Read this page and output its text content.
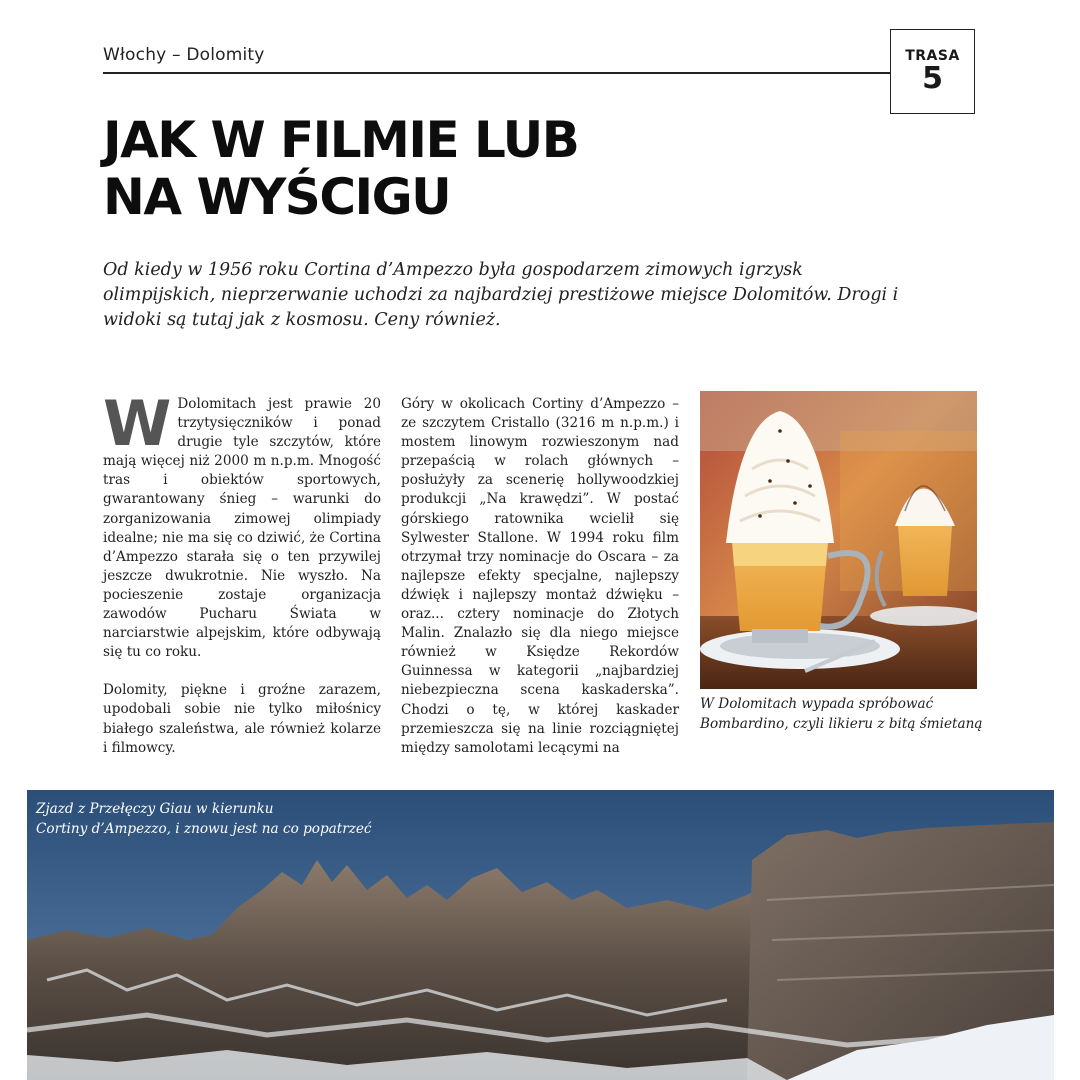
Włochy – Dolomity	TRASA
5
JAK W FILMIE LUB
NA WYŚCIGU

Od kiedy w 1956 roku Cortina d’Ampezzo była gospodarzem zimowych igrzysk olimpijskich, nieprzerwanie uchodzi za najbardziej prestiżowe miejsce Dolomitów. Drogi i widoki są tutaj jak z kosmosu. Ceny również.

W Dolomitach jest prawie 20 trzytysięczników i ponad drugie tyle szczytów, które mają więcej niż 2000 m n.p.m. Mnogość tras i obiektów sportowych, gwarantowany śnieg – warunki do zorganizowania zimowej olimpiady idealne; nie ma się co dziwić, że Cortina d’Ampezzo starała się o ten przywilej jeszcze dwukrotnie. Nie wyszło. Na pocieszenie zostaje organizacja zawodów Pucharu Świata w narciarstwie alpejskim, które odbywają się tu co roku.

Dolomity, piękne i groźne zarazem, upodobali sobie nie tylko miłośnicy białego szaleństwa, ale również kolarze i filmowcy.

Góry w okolicach Cortiny d’Ampezzo – ze szczytem Cristallo (3216 m n.p.m.) i mostem linowym rozwieszonym nad przepaścią w rolach głównych – posłużyły za scenerię hollywoodzkiej produkcji „Na krawędzi”. W postać górskiego ratownika wcielił się Sylwester Stallone. W 1994 roku film otrzymał trzy nominacje do Oscara – za najlepsze efekty specjalne, najlepszy dźwięk i najlepszy montaż dźwięku – oraz... cztery nominacje do Złotych Malin. Znalazło się dla niego miejsce również w Księdze Rekordów Guinnessa w kategorii „najbardziej niebezpieczna scena kaskaderska”. Chodzi o tę, w której kaskader przemieszcza się na linie rozciągniętej między samolotami lecącymi na

W Dolomitach wypada spróbować Bombardino, czyli likieru z bitą śmietaną

Zjazd z Przełęczy Giau w kierunku
Cortiny d’Ampezzo, i znowu jest na co popatrzeć
